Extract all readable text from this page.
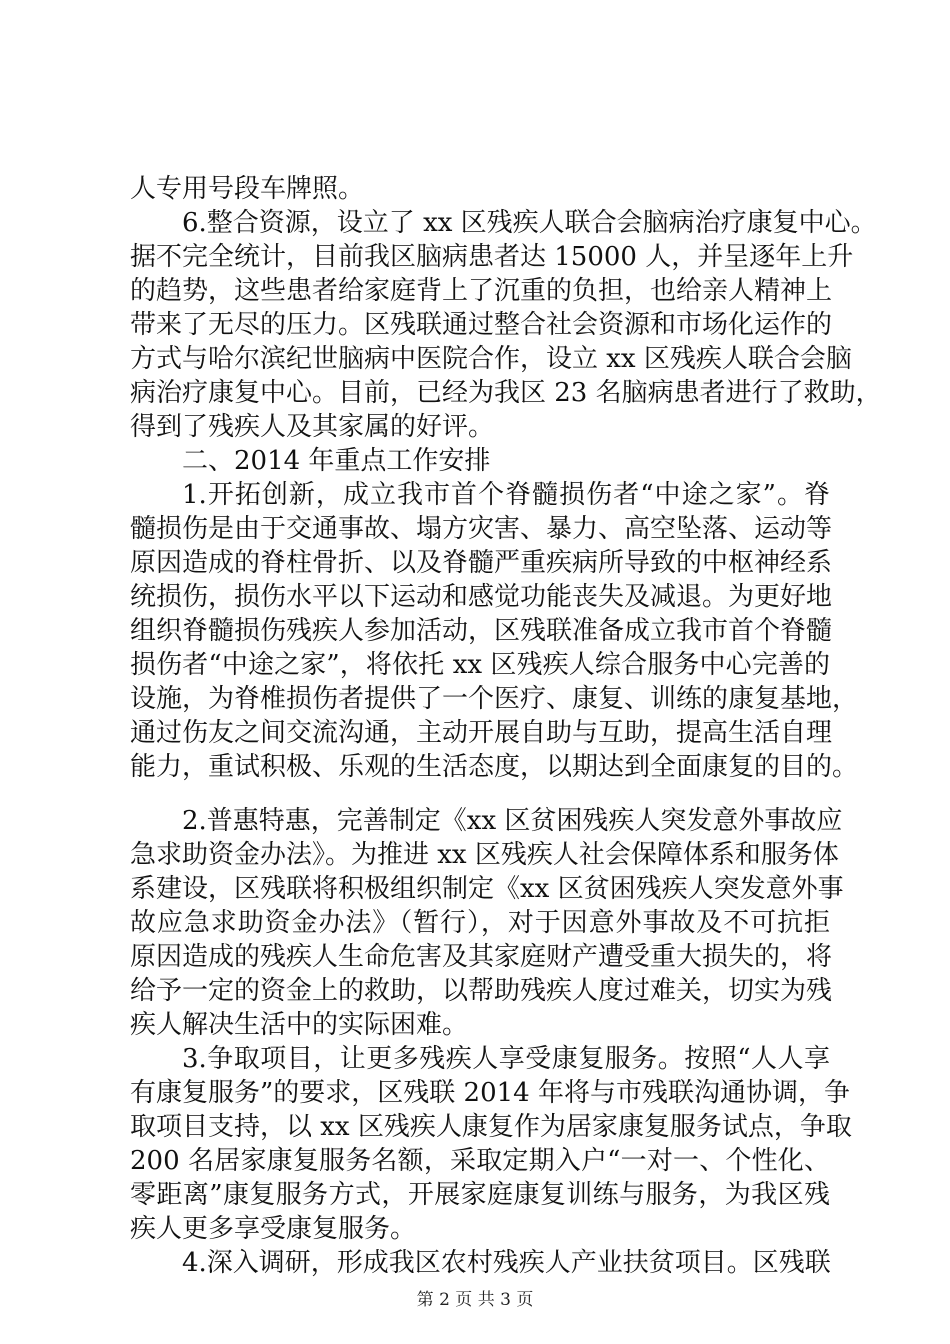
人专用号段车牌照。
6.整合资源，设立了 xx 区残疾人联合会脑病治疗康复中心。
据不完全统计，目前我区脑病患者达 15000 人，并呈逐年上升
的趋势，这些患者给家庭背上了沉重的负担，也给亲人精神上
带来了无尽的压力。区残联通过整合社会资源和市场化运作的
方式与哈尔滨纪世脑病中医院合作，设立 xx 区残疾人联合会脑
病治疗康复中心。目前，已经为我区 23 名脑病患者进行了救助，
得到了残疾人及其家属的好评。
二、2014 年重点工作安排
1.开拓创新，成立我市首个脊髓损伤者“中途之家”。脊
髓损伤是由于交通事故、塌方灾害、暴力、高空坠落、运动等
原因造成的脊柱骨折、以及脊髓严重疾病所导致的中枢神经系
统损伤，损伤水平以下运动和感觉功能丧失及减退。为更好地
组织脊髓损伤残疾人参加活动，区残联准备成立我市首个脊髓
损伤者“中途之家”，将依托 xx 区残疾人综合服务中心完善的
设施，为脊椎损伤者提供了一个医疗、康复、训练的康复基地，
通过伤友之间交流沟通，主动开展自助与互助，提高生活自理
能力，重试积极、乐观的生活态度，以期达到全面康复的目的。
2.普惠特惠，完善制定《xx 区贫困残疾人突发意外事故应
急求助资金办法》。为推进 xx 区残疾人社会保障体系和服务体
系建设，区残联将积极组织制定《xx 区贫困残疾人突发意外事
故应急求助资金办法》（暂行），对于因意外事故及不可抗拒
原因造成的残疾人生命危害及其家庭财产遭受重大损失的，将
给予一定的资金上的救助，以帮助残疾人度过难关，切实为残
疾人解决生活中的实际困难。
3.争取项目，让更多残疾人享受康复服务。按照“人人享
有康复服务”的要求，区残联 2014 年将与市残联沟通协调，争
取项目支持，以 xx 区残疾人康复作为居家康复服务试点，争取
200 名居家康复服务名额，采取定期入户“一对一、个性化、
零距离”康复服务方式，开展家庭康复训练与服务，为我区残
疾人更多享受康复服务。
4.深入调研，形成我区农村残疾人产业扶贫项目。区残联
第 2 页 共 3 页
